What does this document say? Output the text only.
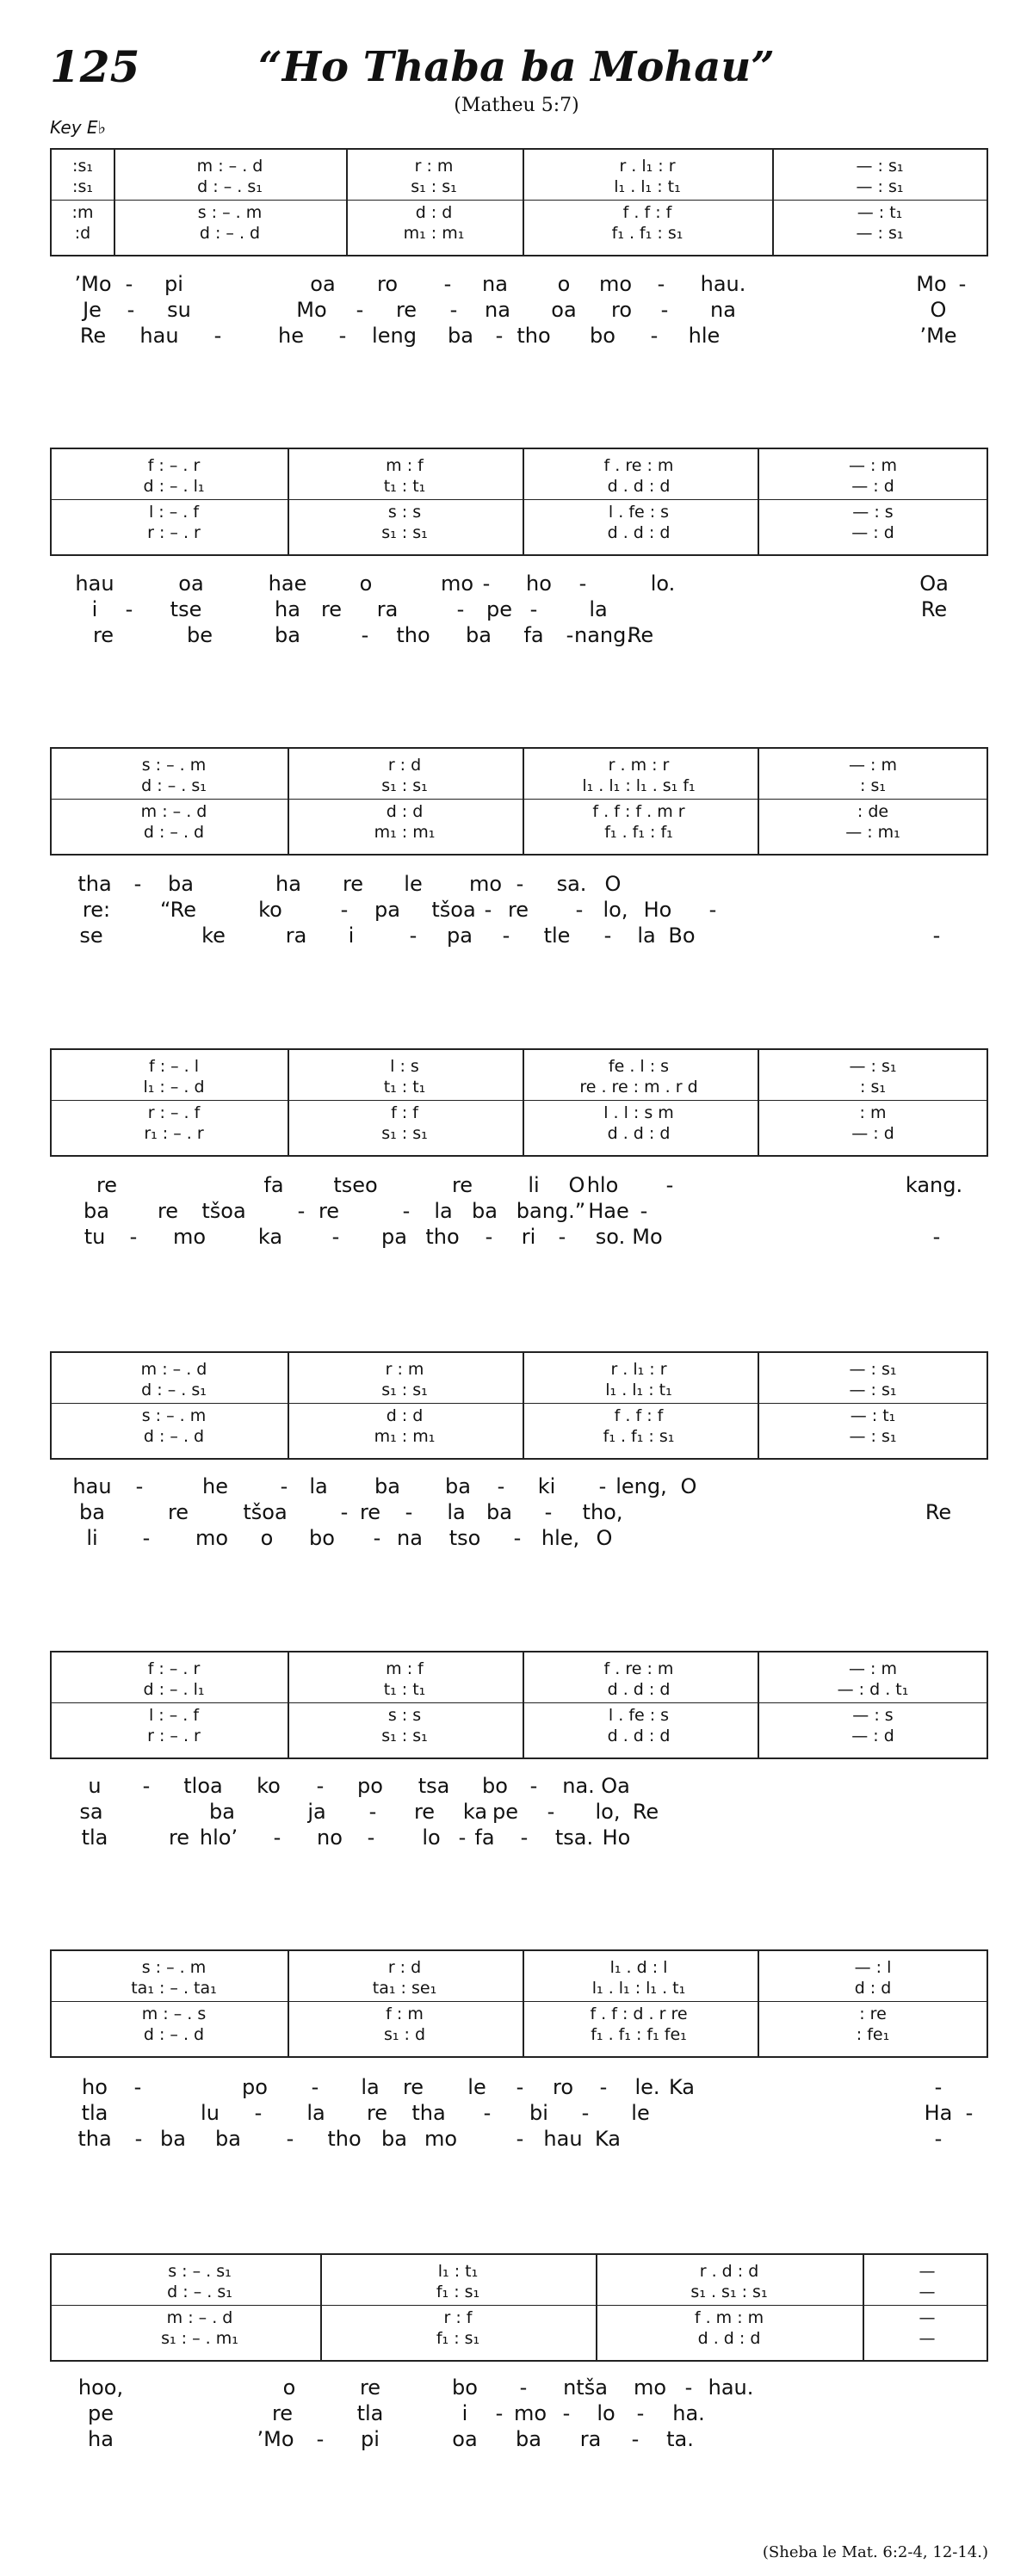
125	“Ho Thaba ba Mohau”
(Matheu 5:7)
Key E♭
:s₁	m : – . d	r : m	r . l₁ : r	— : s₁
:s₁	d : – . s₁	s₁ : s₁	l₁ . l₁ : t₁	— : s₁
:m	s : – . m	d : d	f . f : f	— : t₁
:d	d : – . d	m₁ : m₁	f₁ . f₁ : s₁	— : s₁
’Mo - pi	oa ro - na o mo - hau.	Mo -
Je - su	Mo - re - na oa ro - na	O
Re hau -	he - leng ba - tho bo - hle	’Me
f : – . r	m : f	f . re : m	— : m
d : – . l₁	t₁ : t₁	d . d : d	— : d
l : – . f	s : s	l . fe : s	— : s
r : – . r	s₁ : s₁	d . d : d	— : d
hau	oa	hae	o	mo - ho -	lo.	Oa
i - tse	ha re ra	- pe - la	Re
re	be	ba	- tho ba fa - nang.
Re
s : – . m	r : d	r . m : r	— : m
d : – . s₁	s₁ : s₁	l₁ . l₁ : l₁ . s₁ f₁	: s₁
m : – . d	d : d	f . f : f . m r	: de
d : – . d	m₁ : m₁	f₁ . f₁ : f₁	— : m₁
tha - ba	ha re le mo - sa. O
re: “Re	ko	- pa tšoa - re - lo, Ho -
se	ke	ra i	- pa - tle - la Bo	-
f : – . l	l : s	fe . l : s	— : s₁
l₁ : – . d	t₁ : t₁	re . re : m . r d	: s₁
r : – . f	f : f	l . l : s m	: m
r₁ : – . r	s₁ : s₁	d . d : d	— : d
re	fa tseo	re	li hlo -	kang.
O
ba re tšoa	- re	- la ba bang.” Hae -
tu - mo	ka - pa tho - ri - so. Mo	-
m : – . d	r : m	r . l₁ : r	— : s₁
d : – . s₁	s₁ : s₁	l₁ . l₁ : t₁	— : s₁
s : – . m	d : d	f . f : f	— : t₁
d : – . d	m₁ : m₁	f₁ . f₁ : s₁	— : s₁
hau -	he	- la ba ba - ki - leng, O
ba	re	tšoa	- re - la ba - tho,	Re
li - mo o bo - na tso - hle, O
f : – . r	m : f	f . re : m	— : m
d : – . l₁	t₁ : t₁	d . d : d	— : d . t₁
l : – . f	s : s	l . fe : s	— : s
r : – . r	s₁ : s₁	d . d : d	— : d
u - tloa ko - po tsa bo - na. Oa
sa	ba	ja - re ka pe - lo, Re
tla	re hlo’ - no - lo - fa - tsa. Ho
s : – . m	r : d	l₁ . d : l	— : l
ta₁ : – . ta₁	ta₁ : se₁	l₁ . l₁ : l₁ . t₁	d : d
m : – . s	f : m	f . f : d . r re	: re
d : – . d	s₁ : d	f₁ . f₁ : f₁ fe₁	: fe₁
ho -	po - la re le - ro - le. Ka	-
tla	lu - la re tha - bi - le	Ha -
tha - ba ba - tho ba mo	- hau Ka	-
s : – . s₁	l₁ : t₁	r . d : d	—
d : – . s₁	f₁ : s₁	s₁ . s₁ : s₁	—
m : – . d	r : f	f . m : m	—
s₁ : – . m₁	f₁ : s₁	d . d : d	—
hoo,	o	re	bo - ntša mo - hau.
pe	re	tla	i - mo - lo - ha.
ha	’Mo - pi	oa ba ra - ta.
(Sheba le Mat. 6:2-4, 12-14.)
